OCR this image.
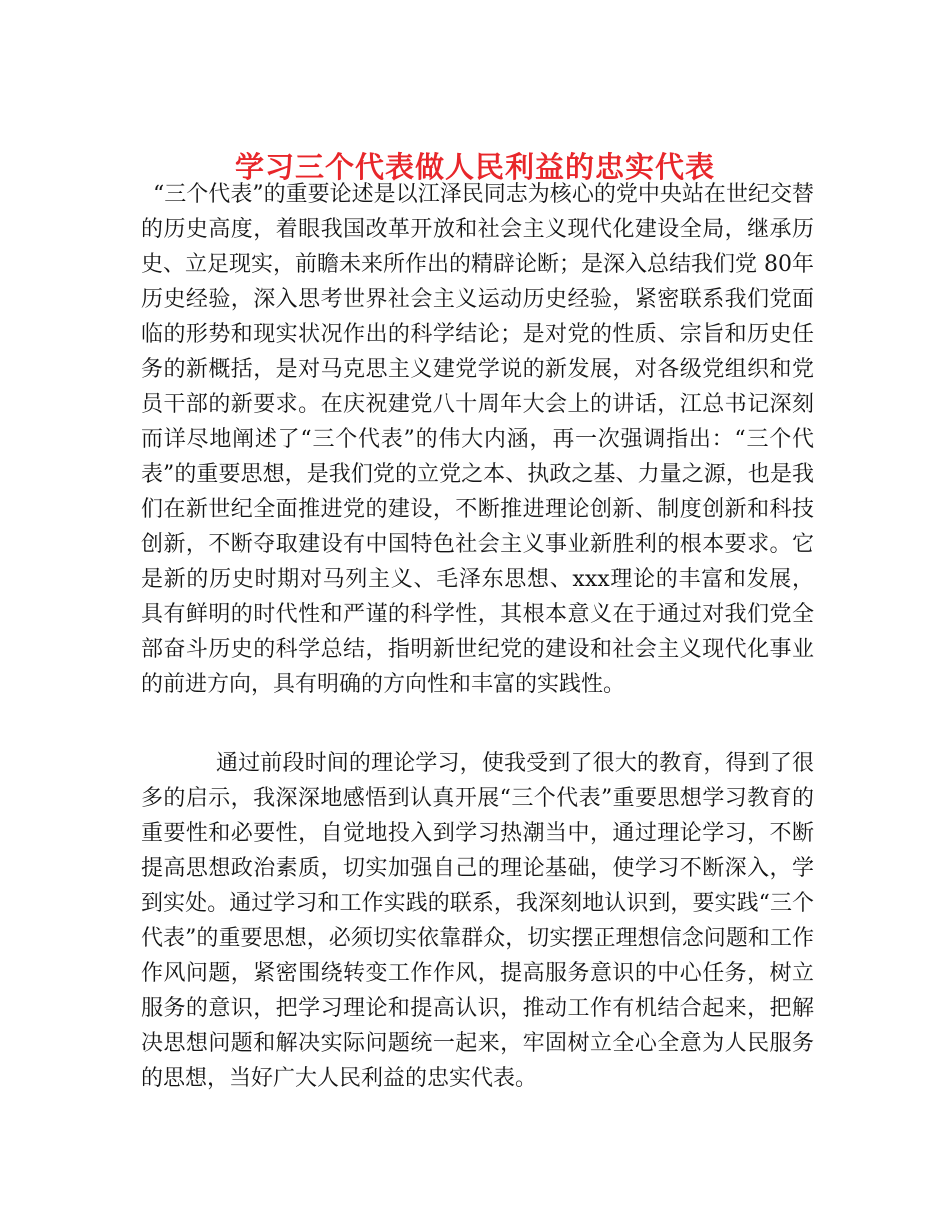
学习三个代表做人民利益的忠实代表

“三个代表”的重要论述是以江泽民同志为核心的党中央站在世纪交替的历史高度，着眼我国改革开放和社会主义现代化建设全局，继承历史、立足现实，前瞻未来所作出的精辟论断；是深入总结我们党 80年历史经验，深入思考世界社会主义运动历史经验，紧密联系我们党面临的形势和现实状况作出的科学结论；是对党的性质、宗旨和历史任务的新概括，是对马克思主义建党学说的新发展，对各级党组织和党员干部的新要求。在庆祝建党八十周年大会上的讲话，江总书记深刻而详尽地阐述了“三个代表”的伟大内涵，再一次强调指出：“三个代表”的重要思想，是我们党的立党之本、执政之基、力量之源，也是我们在新世纪全面推进党的建设，不断推进理论创新、制度创新和科技创新，不断夺取建设有中国特色社会主义事业新胜利的根本要求。它是新的历史时期对马列主义、毛泽东思想、xxx理论的丰富和发展，具有鲜明的时代性和严谨的科学性，其根本意义在于通过对我们党全部奋斗历史的科学总结，指明新世纪党的建设和社会主义现代化事业的前进方向，具有明确的方向性和丰富的实践性。

通过前段时间的理论学习，使我受到了很大的教育，得到了很多的启示，我深深地感悟到认真开展“三个代表”重要思想学习教育的重要性和必要性，自觉地投入到学习热潮当中，通过理论学习，不断提高思想政治素质，切实加强自己的理论基础，使学习不断深入，学到实处。通过学习和工作实践的联系，我深刻地认识到，要实践“三个代表”的重要思想，必须切实依靠群众，切实摆正理想信念问题和工作作风问题，紧密围绕转变工作作风，提高服务意识的中心任务，树立服务的意识，把学习理论和提高认识，推动工作有机结合起来，把解决思想问题和解决实际问题统一起来，牢固树立全心全意为人民服务的思想，当好广大人民利益的忠实代表。
